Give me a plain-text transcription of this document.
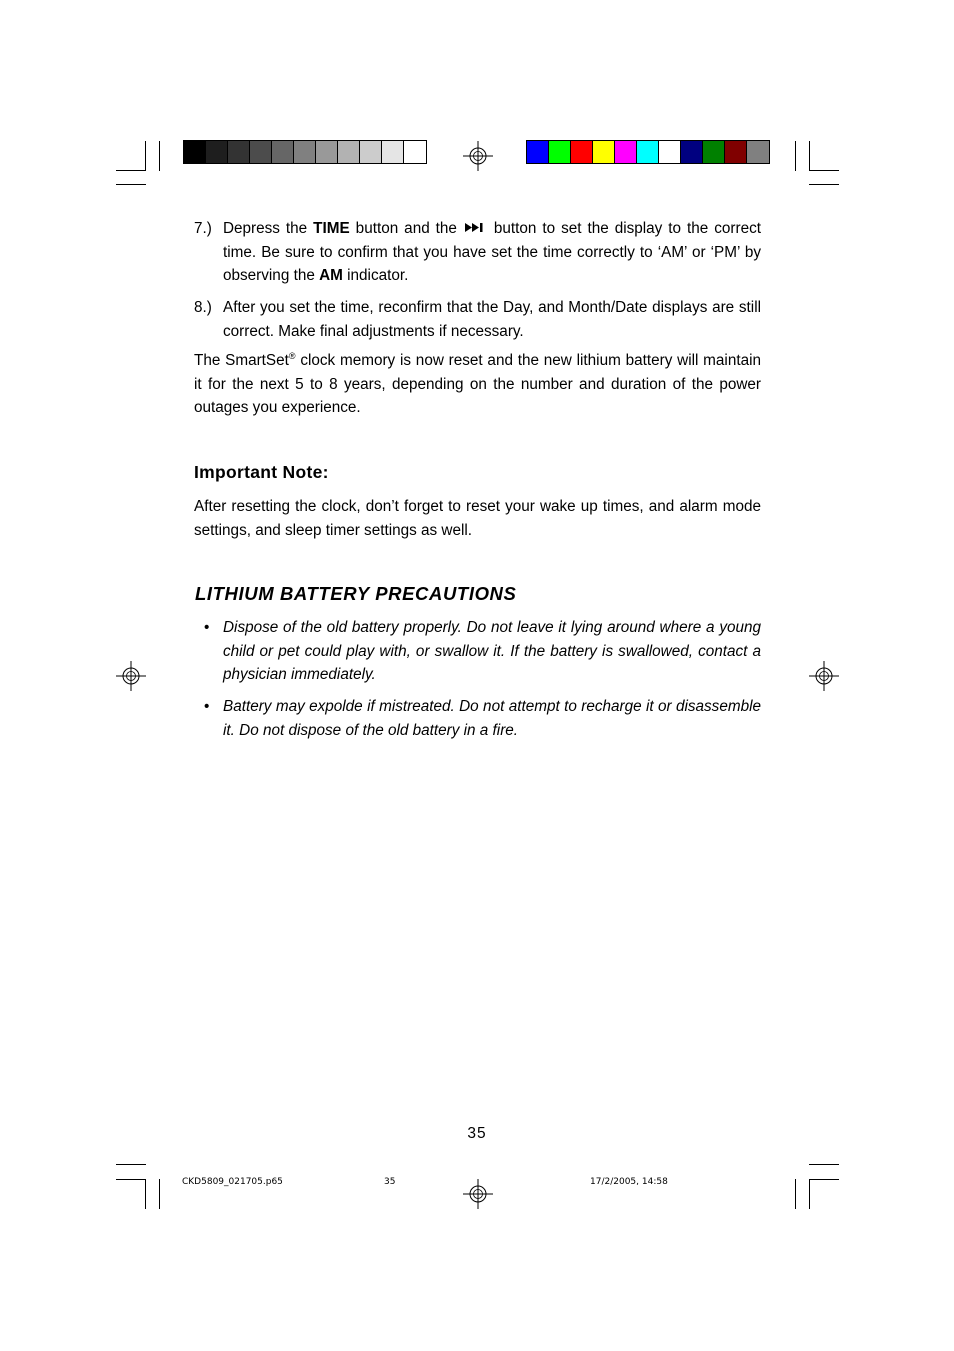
7.) Depress the TIME button and the  button to set the display to the correct time. Be sure to confirm that you have set the time correctly to ‘AM’ or ‘PM’ by observing the AM indicator.
8.) After you set the time, reconfirm that the Day, and Month/Date displays are still correct. Make final adjustments if necessary.
The SmartSet® clock memory is now reset and the new lithium battery will maintain it for the next 5 to 8 years, depending on the number and duration of the power outages you experience.
Important Note:
After resetting the clock, don’t forget to reset your wake up times, and alarm mode settings, and sleep timer settings as well.
LITHIUM BATTERY PRECAUTIONS
• Dispose of the old battery properly. Do not leave it lying around where a young child or pet could play with, or swallow it. If the battery is swallowed, contact a physician immediately.
• Battery may expolde if mistreated. Do not attempt to recharge it or disassemble it. Do not dispose of the old battery in a fire.
35
CKD5809_021705.p65	35	17/2/2005, 14:58
